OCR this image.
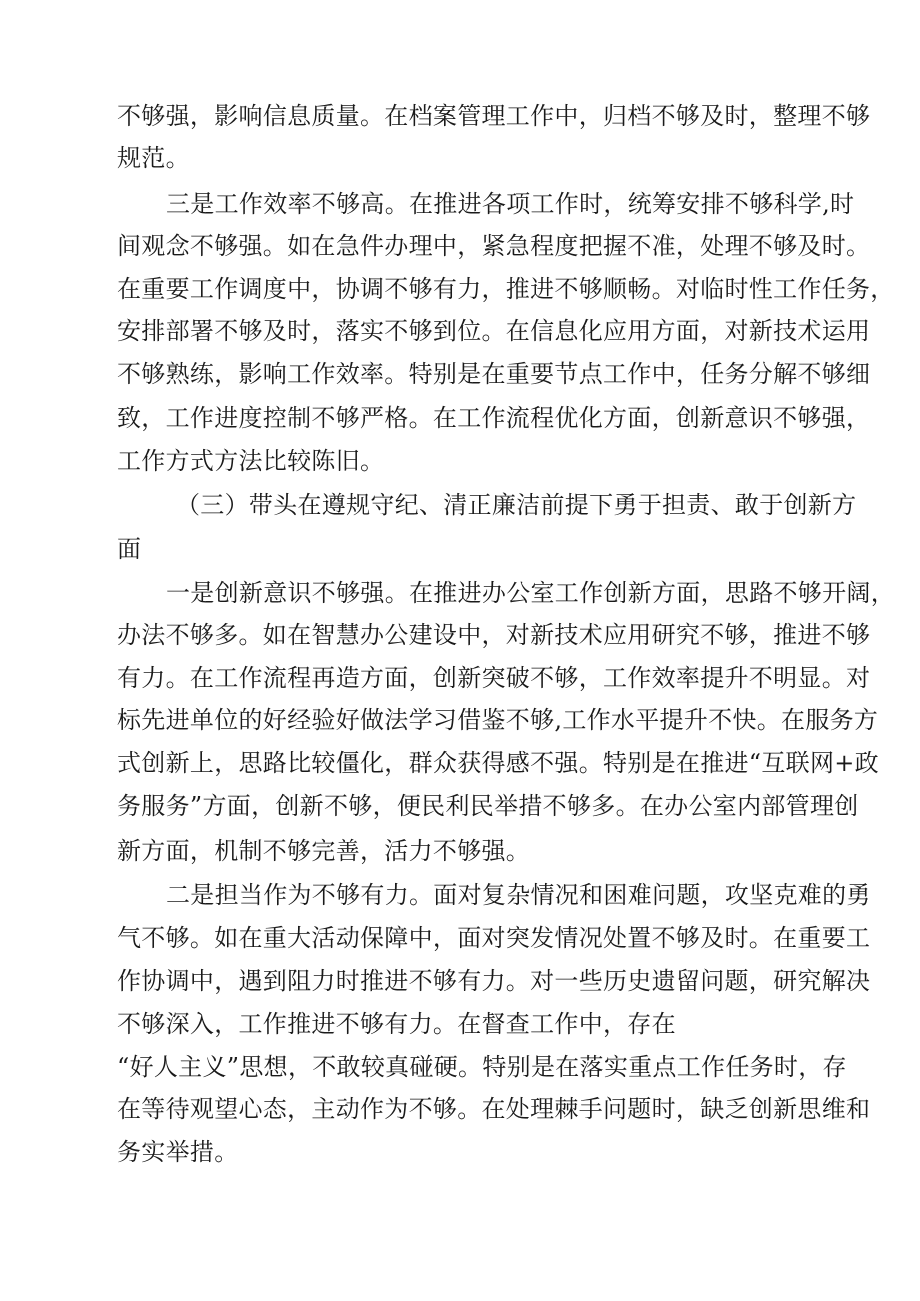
不够强，影响信息质量。在档案管理工作中，归档不够及时，整理不够
规范。
三是工作效率不够高。在推进各项工作时，统筹安排不够科学,时
间观念不够强。如在急件办理中，紧急程度把握不准，处理不够及时。
在重要工作调度中，协调不够有力，推进不够顺畅。对临时性工作任务，
安排部署不够及时，落实不够到位。在信息化应用方面，对新技术运用
不够熟练，影响工作效率。特别是在重要节点工作中，任务分解不够细
致，工作进度控制不够严格。在工作流程优化方面，创新意识不够强，
工作方式方法比较陈旧。
（三）带头在遵规守纪、清正廉洁前提下勇于担责、敢于创新方
面
一是创新意识不够强。在推进办公室工作创新方面，思路不够开阔，
办法不够多。如在智慧办公建设中，对新技术应用研究不够，推进不够
有力。在工作流程再造方面，创新突破不够，工作效率提升不明显。对
标先进单位的好经验好做法学习借鉴不够,工作水平提升不快。在服务方
式创新上，思路比较僵化，群众获得感不强。特别是在推进“互联网+政
务服务”方面，创新不够，便民利民举措不够多。在办公室内部管理创
新方面，机制不够完善，活力不够强。
二是担当作为不够有力。面对复杂情况和困难问题，攻坚克难的勇
气不够。如在重大活动保障中，面对突发情况处置不够及时。在重要工
作协调中，遇到阻力时推进不够有力。对一些历史遗留问题，研究解决
不够深入，工作推进不够有力。在督查工作中，存在
“好人主义”思想，不敢较真碰硬。特别是在落实重点工作任务时，存
在等待观望心态，主动作为不够。在处理棘手问题时，缺乏创新思维和
务实举措。
